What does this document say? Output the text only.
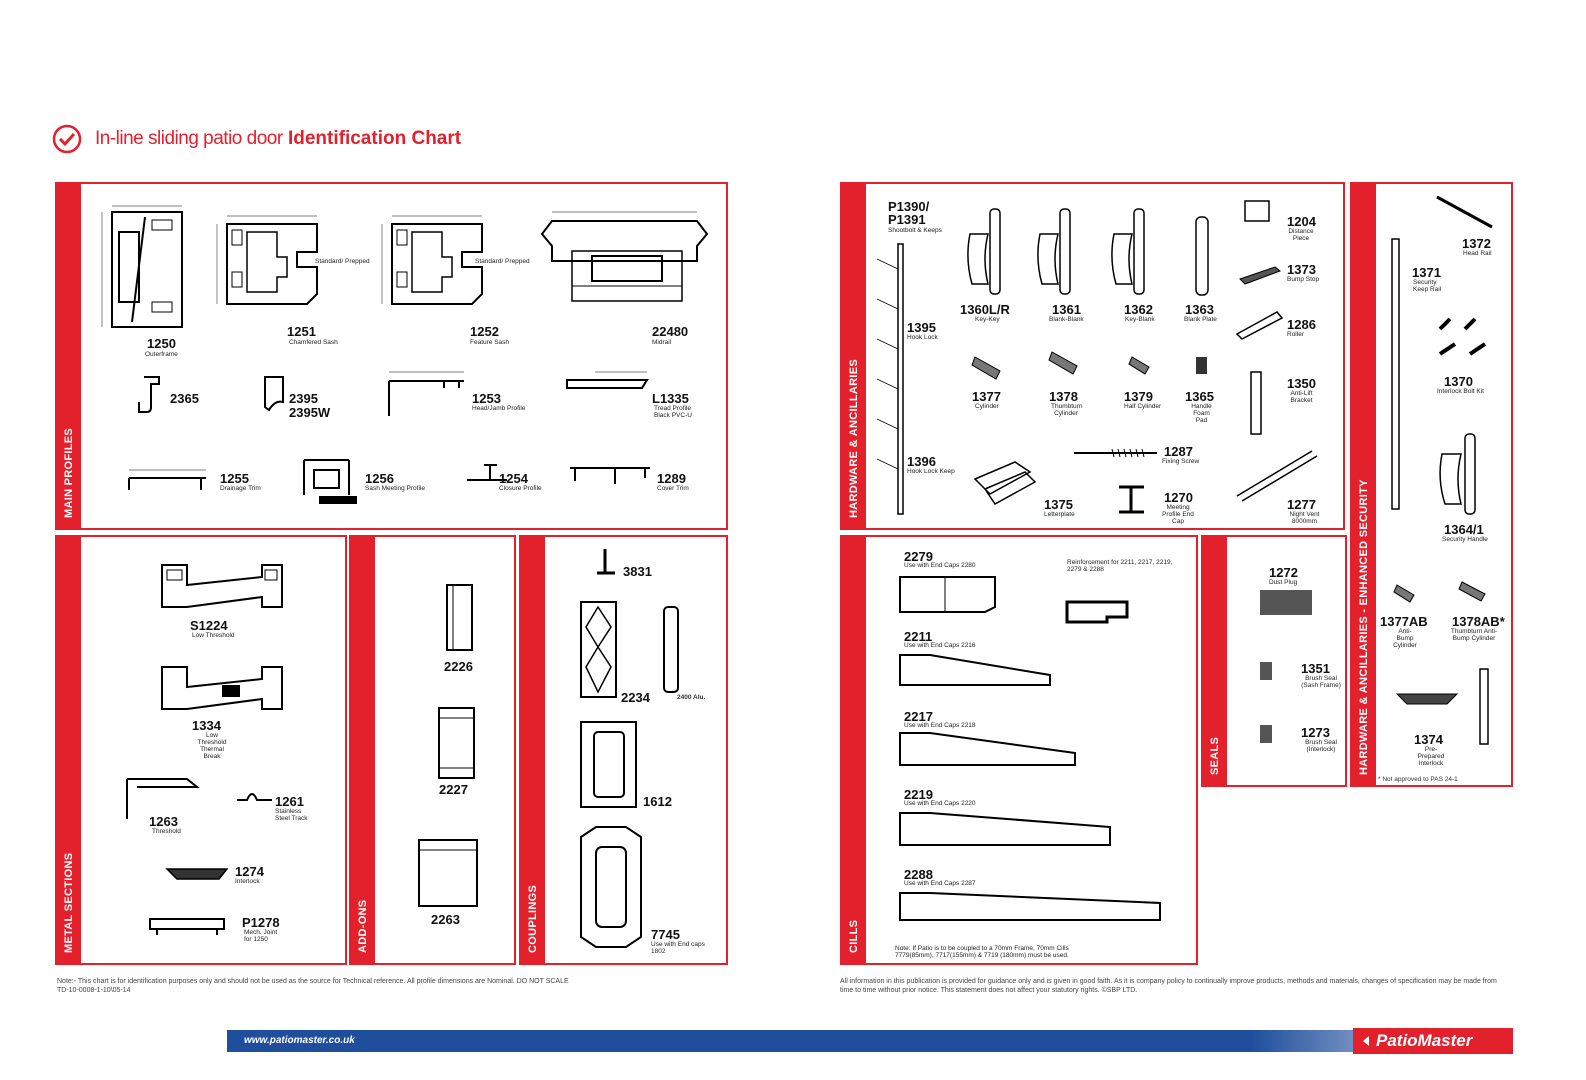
In-line sliding patio door Identification Chart
MAIN PROFILES
1250
Outerframe
Standard/ Prepped
1251
Chamfered Sash
Standard/ Prepped
1252
Feature Sash
22480
Midrail
2365	2395
2395W
1253
Head/Jamb Profile
L1335
Tread Profile Black PVC-U
1255
Drainage Trim
1256
Sash Meeting Profile
1254
Closure Profile
1289
Cover Trim
METAL SECTIONS
S1224
Low Threshold
1334
Low Threshold Thermal Break
1263
Threshold
1261
Stainless Steel Track
1274
Interlock
P1278
Mech. Joint for 1250	ADD-ONS
2226
2227
2263	COUPLINGS
3831
2234	2400 Alu.
1612
7745
Use with End caps 1802
HARDWARE & ANCILLARIES
P1390/ P1391
Shootbolt & Keeps
1395
Hook Lock
1396
Hook Lock Keep
1360L/R
Key-Key
1361
Blank-Blank
1362
Key-Blank
1363
Blank Plate
1204
Distance Piece
1373
Bump Stop
1286
Roller
1377
Cylinder
1378
Thumbturn Cylinder
1379
Half Cylinder
1365
Handle Foam Pad
1350
Anti-Lift Bracket
1287
Fixing Screw
1375
Letterplate
1270
Meeting Profile End Cap
1277
Night Vent 8000mm	HARDWARE & ANCILLARIES - ENHANCED SECURITY
1372
Head Rail
1371
Security Keep Rail
1370
Interlock Bolt Kit
1364/1
Security Handle
1377AB
Anti-Bump Cylinder
1378AB*
Thumbturn Anti-Bump Cylinder
1374
Pre-Prepared Interlock
* Not approved to PAS 24-1
CILLS
2279
Use with End Caps 2280	Reinforcement for 2211, 2217, 2219, 2279 & 2288
2211
Use with End Caps 2216
2217
Use with End Caps 2218
2219
Use with End Caps 2220
2288
Use with End Caps 2287
Note: If Patio is to be coupled to a 70mm Frame, 70mm Cills 7779(85mm), 7717(155mm) & 7719 (180mm) must be used.
SEALS
1272
Dust Plug
1351
Brush Seal (Sash Frame)
1273
Brush Seal (Interlock)
Note:- This chart is for identification purposes only and should not be used as the source for Technical reference. All profile dimensions are Nominal. DO NOT SCALE
TD-10-0008-1-10\05-14
All information in this publication is provided for guidance only and is given in good faith. As it is company policy to continually improve products, methods and materials, changes of specification may be made from time to time without prior notice. This statement does not affect your statutory rights. ©SBP LTD.
www.patiomaster.co.uk	PatioMaster
